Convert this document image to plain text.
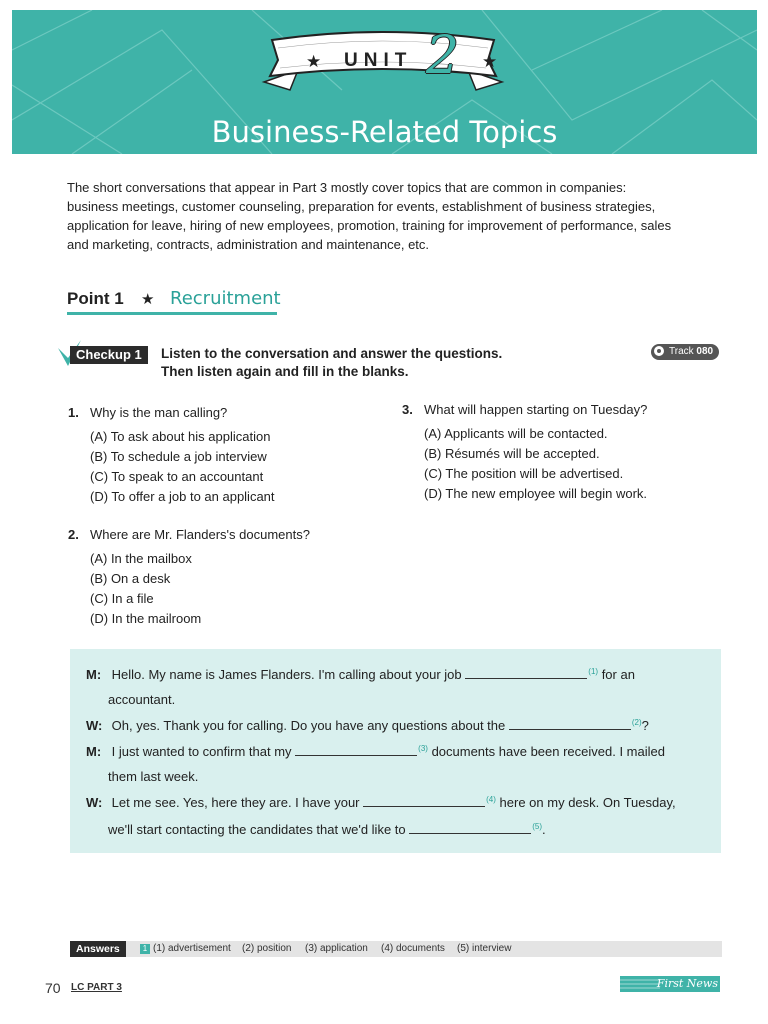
★	★
UNIT 2
Business-Related Topics
The short conversations that appear in Part 3 mostly cover topics that are common in companies:
business meetings, customer counseling, preparation for events, establishment of business strategies,
application for leave, hiring of new employees, promotion, training for improvement of performance, sales
and marketing, contracts, administration and maintenance, etc.
Point 1 ★ Recruitment
Checkup 1	Listen to the conversation and answer the questions.
Then listen again and fill in the blanks.
Track 080
1. Why is the man calling?
(A) To ask about his application
(B) To schedule a job interview
(C) To speak to an accountant
(D) To offer a job to an applicant
2. Where are Mr. Flanders's documents?
(A) In the mailbox
(B) On a desk
(C) In a file
(D) In the mailroom
3. What will happen starting on Tuesday?
(A) Applicants will be contacted.
(B) Résumés will be accepted.
(C) The position will be advertised.
(D) The new employee will begin work.
M: Hello. My name is James Flanders. I'm calling about your job	$^{(1)}$ for an
accountant.
W: Oh, yes. Thank you for calling. Do you have any questions about the	$^{(2)}$?
M: I just wanted to confirm that my	$^{(3)}$ documents have been received. I mailed
them last week.
W: Let me see. Yes, here they are. I have your	$^{(4)}$ here on my desk. On Tuesday,
we'll start contacting the candidates that we'd like to	$^{(5)}$.
Answers	1 (1) advertisement (2) position (3) application (4) documents (5) interview
70 LC PART 3	First News
